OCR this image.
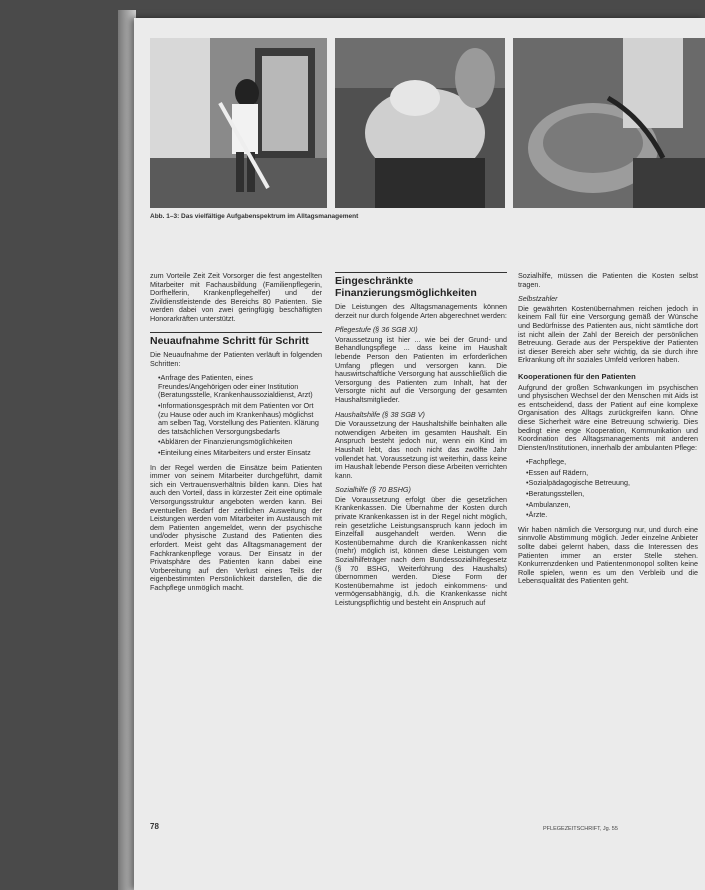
Abb. 1–3: Das vielfältige Aufgabenspektrum im Alltagsmanagement

zum Vorteile Zeit Zeit Vorsorger die fest angestellten Mitarbeiter mit Fachausbildung (Familienpflegerin, Dorfhelferin, Krankenpflegehelfer) und der Zivildienstleistende des Bereichs 80 Patienten. Sie werden dabei von zwei geringfügig beschäftigten Honorarkräften unterstützt.

Neuaufnahme Schritt für Schritt

Die Neuaufnahme der Patienten verläuft in folgenden Schritten:

• Anfrage des Patienten, eines Freundes/Angehörigen oder einer Institution (Beratungsstelle, Krankenhaussozialdienst, Arzt)
• Informationsgespräch mit dem Patienten vor Ort (zu Hause oder auch im Krankenhaus) möglichst am selben Tag, Vorstellung des Patienten. Klärung des tatsächlichen Versorgungsbedarfs
• Abklären der Finanzierungsmöglichkeiten
• Einteilung eines Mitarbeiters und erster Einsatz

In der Regel werden die Einsätze beim Patienten immer von seinem Mitarbeiter durchgeführt, damit sich ein Vertrauensverhältnis bilden kann. Dies hat auch den Vorteil, dass in kürzester Zeit eine optimale Versorgungsstruktur angeboten werden kann. Bei eventuellen Bedarf der zeitlichen Ausweitung der Leistungen werden vom Mitarbeiter im Austausch mit dem Patienten angemeldet, wenn der psychische und/oder physische Zustand des Patienten dies erfordert. Meist geht das Alltagsmanagement der Fachkrankenpflege voraus. Der Einsatz in der Privatsphäre des Patienten kann dabei eine Vorbereitung auf den Verlust eines Teils der eigenbestimmten Persönlichkeit darstellen, die die Fachpflege unmöglich macht.

Eingeschränkte Finanzierungsmöglichkeiten

Die Leistungen des Alltagsmanagements können derzeit nur durch folgende Arten abgerechnet werden:

Pflegestufe (§ 36 SGB XI)

Voraussetzung ist hier ... wie bei der Grund- und Behandlungspflege ... dass keine im Haushalt lebende Person den Patienten im erforderlichen Umfang pflegen und versorgen kann. Die hauswirtschaftliche Versorgung hat ausschließlich die Versorgung des Patienten zum Inhalt, hat der Versorgte nicht auf die Versorgung der gesamten Haushaltsmitglieder.

Haushaltshilfe (§ 38 SGB V)

Die Voraussetzung der Haushaltshilfe beinhalten alle notwendigen Arbeiten im gesamten Haushalt. Ein Anspruch besteht jedoch nur, wenn ein Kind im Haushalt lebt, das noch nicht das zwölfte Jahr vollendet hat. Voraussetzung ist weiterhin, dass keine im Haushalt lebende Person diese Arbeiten verrichten kann.

Sozialhilfe (§ 70 BSHG)

Die Voraussetzung erfolgt über die gesetzlichen Krankenkassen. Die Übernahme der Kosten durch private Krankenkassen ist in der Regel nicht möglich, rein gesetzliche Leistungsanspruch kann jedoch im Einzelfall ausgehandelt werden. Wenn die Kostenübernahme durch die Krankenkassen nicht (mehr) möglich ist, können diese Leistungen vom Sozialhilfeträger nach dem Bundessozialhilfegesetz (§ 70 BSHG, Weiterführung des Haushalts) übernommen werden. Diese Form der Kostenübernahme ist jedoch einkommens- und vermögensabhängig, d.h. die Krankenkasse nicht Leistungspflichtig und besteht ein Anspruch auf

Sozialhilfe, müssen die Patienten die Kosten selbst tragen.

Selbstzahler

Die gewährten Kostenübernahmen reichen jedoch in keinem Fall für eine Versorgung gemäß der Wünsche und Bedürfnisse des Patienten aus, nicht sämtliche dort ist nicht allein der Zahl der Bereich der persönlichen Betreuung. Gerade aus der Perspektive der Patienten ist dieser Bereich aber sehr wichtig, da sie durch ihre Erkrankung oft ihr soziales Umfeld verloren haben.

Kooperationen für den Patienten

Aufgrund der großen Schwankungen im psychischen und physischen Wechsel der den Menschen mit Aids ist es entscheidend, dass der Patient auf eine komplexe Organisation des Alltags zurückgreifen kann. Ohne diese Sicherheit wäre eine Betreuung schwierig. Dies bedingt eine enge Kooperation, Kommunikation und Koordination des Alltagsmanagements mit anderen Diensten/Institutionen, innerhalb der ambulanten Pflege:

• Fachpflege,
• Essen auf Rädern,
• Sozialpädagogische Betreuung,
• Beratungsstellen,
• Ambulanzen,
• Ärzte.

Wir haben nämlich die Versorgung nur, und durch eine sinnvolle Abstimmung möglich. Jeder einzelne Anbieter sollte dabei gelernt haben, dass die Interessen des Patienten immer an erster Stelle stehen. Konkurrenzdenken und Patientenmonopol sollten keine Rolle spielen, wenn es um den Verbleib und die Lebensqualität des Patienten geht.

78	PFLEGEZEITSCHRIFT, Jg. 55
